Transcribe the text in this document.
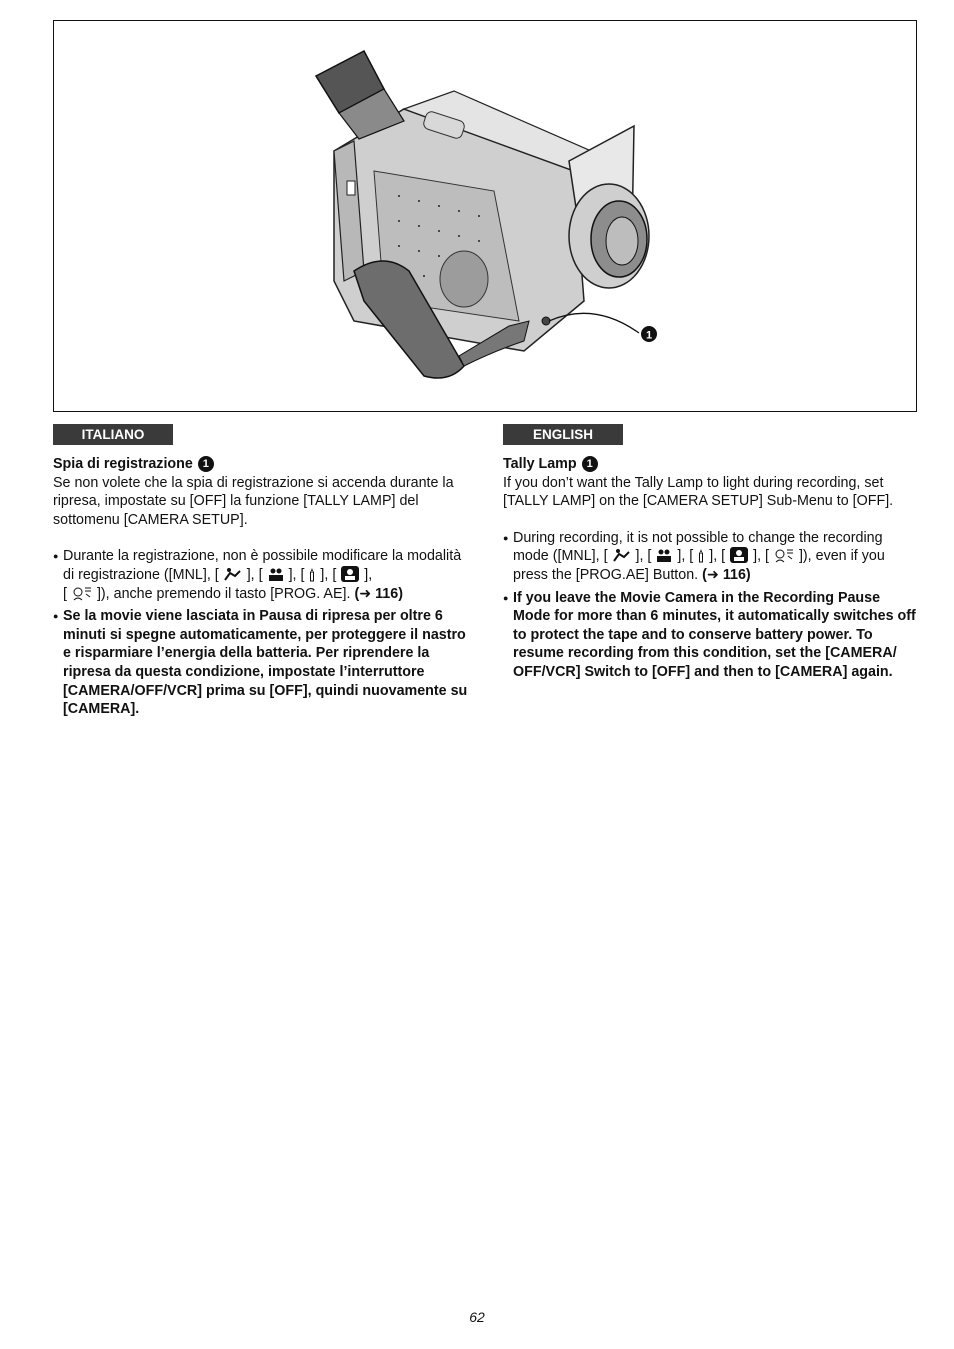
1
ITALIANO
Spia di registrazione 1

Se non volete che la spia di registrazione si accenda durante la ripresa, impostate su [OFF] la funzione [TALLY LAMP] del sottomenu [CAMERA SETUP].

● Durante la registrazione, non è possibile modificare la modalità di registrazione ([MNL], [ ], [ ], [ ], [ ],
[ ]), anche premendo il tasto [PROG. AE]. (➜ 116)
● Se la movie viene lasciata in Pausa di ripresa per oltre 6 minuti si spegne automaticamente, per proteggere il nastro e risparmiare l’energia della batteria. Per riprendere la ripresa da questa condizione, impostate l’interruttore [CAMERA/OFF/VCR] prima su [OFF], quindi nuovamente su [CAMERA].
ENGLISH
Tally Lamp 1

If you don’t want the Tally Lamp to light during recording, set [TALLY LAMP] on the [CAMERA SETUP] Sub-Menu to [OFF].

● During recording, it is not possible to change the recording mode ([MNL], [ ], [ ], [ ], [ ], [ ]), even if you press the [PROG.AE] Button. (➜ 116)
● If you leave the Movie Camera in the Recording Pause Mode for more than 6 minutes, it automatically switches off to protect the tape and to conserve battery power. To resume recording from this condition, set the [CAMERA/ OFF/VCR] Switch to [OFF] and then to [CAMERA] again.
62
